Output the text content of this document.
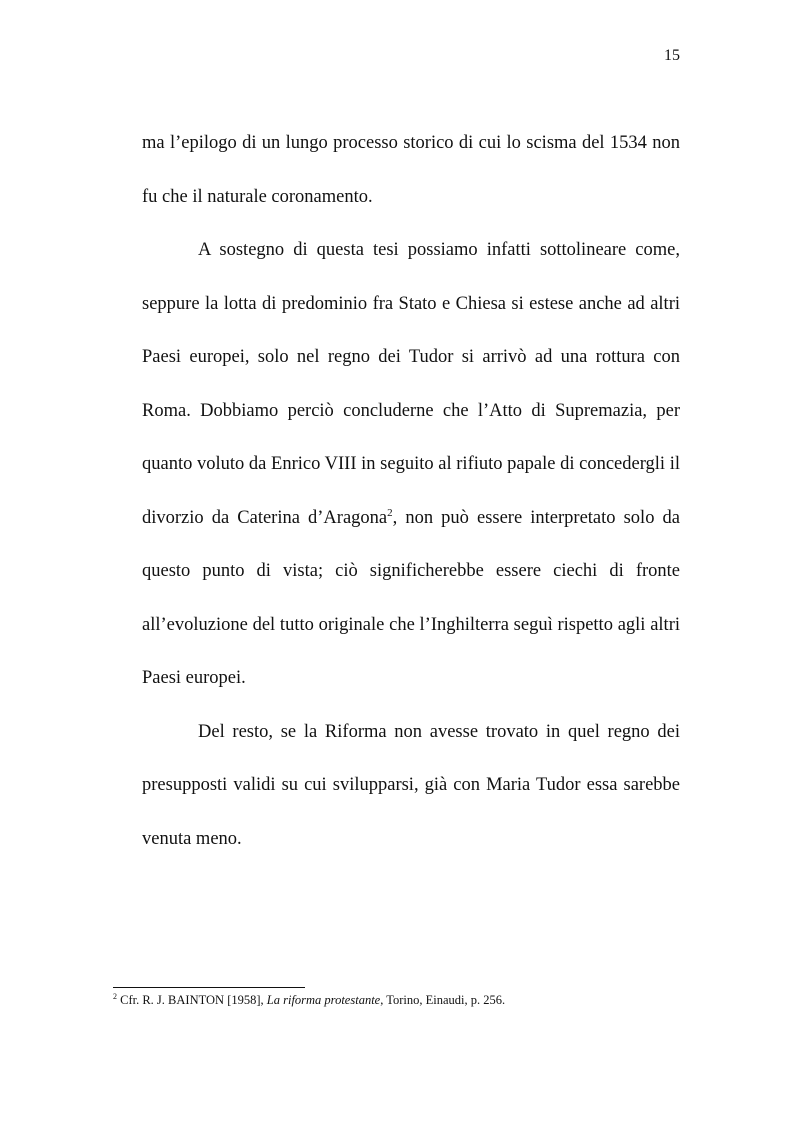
15

ma l’epilogo di un lungo processo storico di cui lo scisma del 1534 non fu che il naturale coronamento.

A sostegno di questa tesi possiamo infatti sottolineare come, seppure la lotta di predominio fra Stato e Chiesa si estese anche ad altri Paesi europei, solo nel regno dei Tudor si arrivò ad una rottura con Roma. Dobbiamo perciò concluderne che l’Atto di Supremazia, per quanto voluto da Enrico VIII in seguito al rifiuto papale di concedergli il divorzio da Caterina d’Aragona$^2$, non può essere interpretato solo da questo punto di vista; ciò significherebbe essere ciechi di fronte all’evoluzione del tutto originale che l’Inghilterra seguì rispetto agli altri Paesi europei.

Del resto, se la Riforma non avesse trovato in quel regno dei presupposti validi su cui svilupparsi, già con Maria Tudor essa sarebbe venuta meno.

$^2$ Cfr. R. J. BAINTON [1958], La riforma protestante, Torino, Einaudi, p. 256.
